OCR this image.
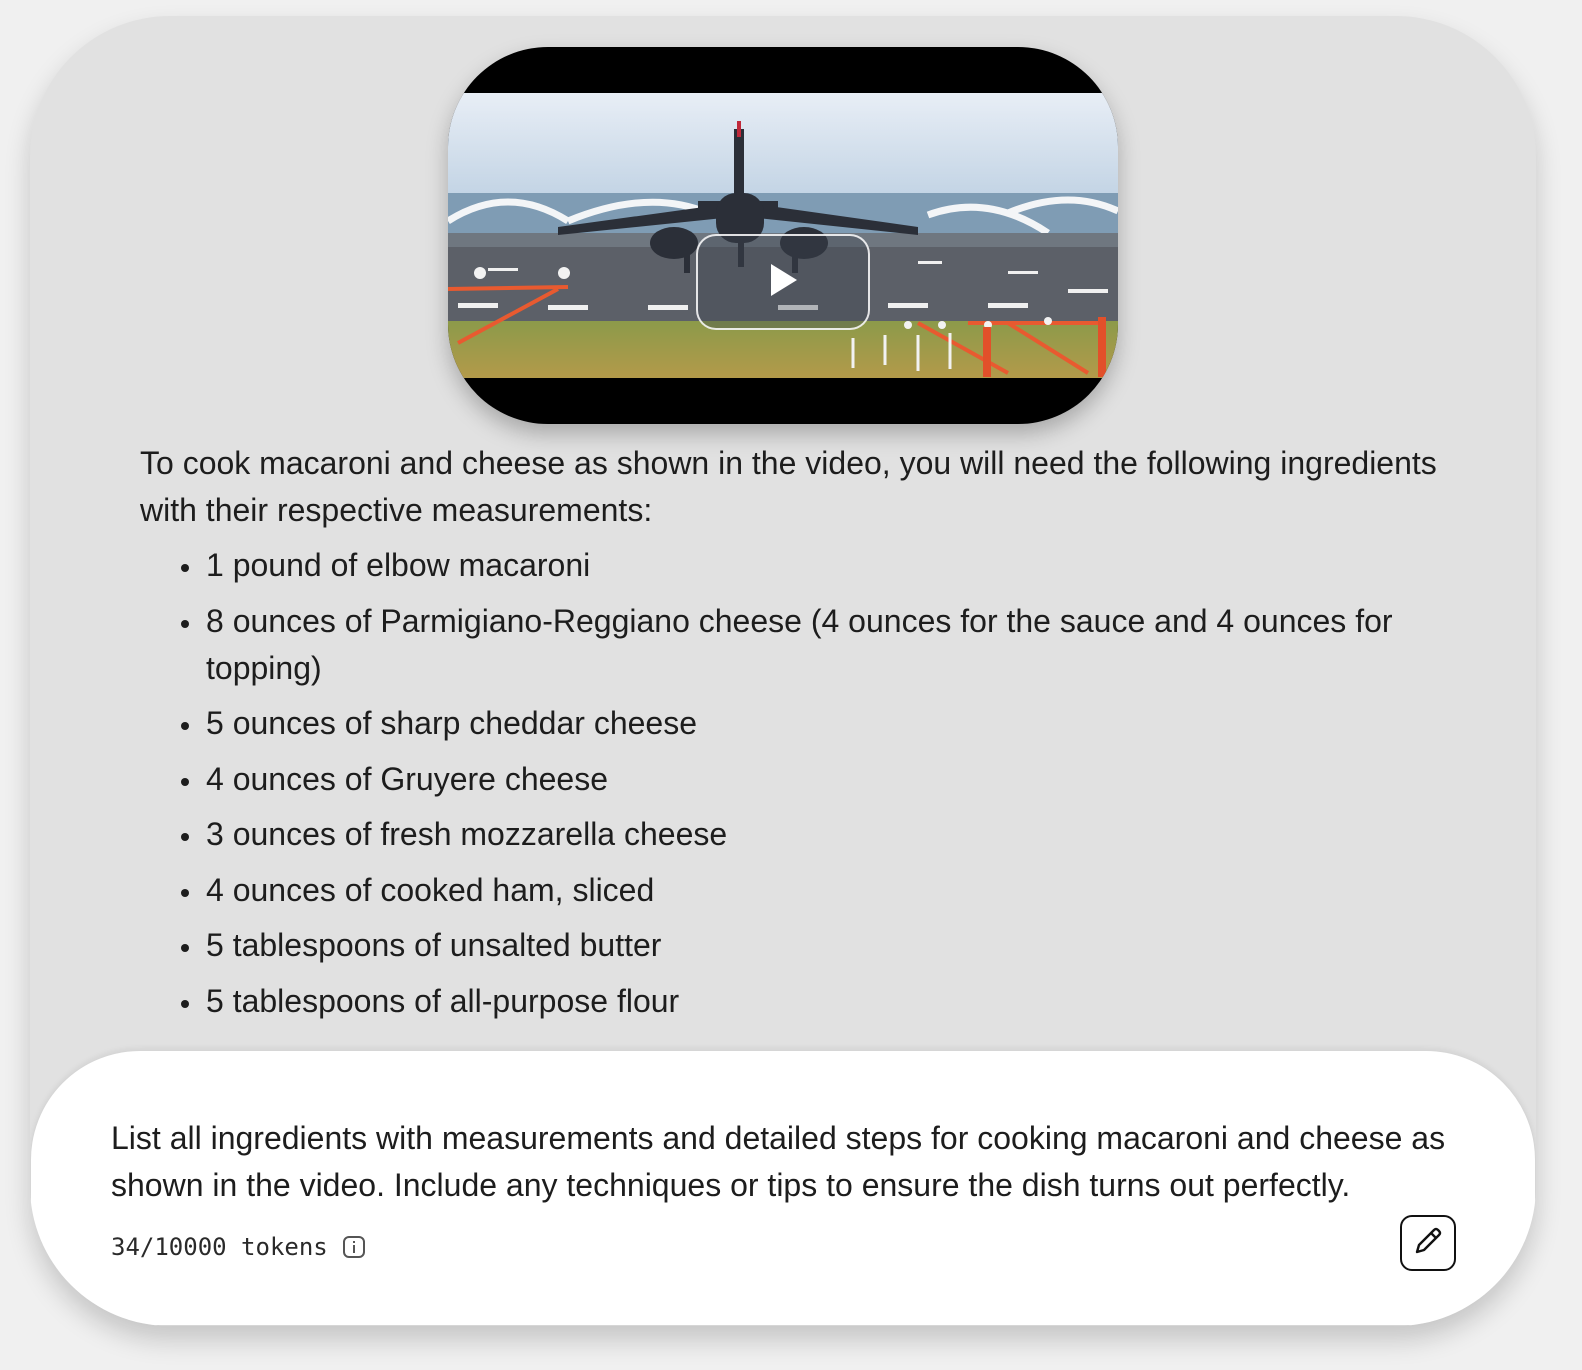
To cook macaroni and cheese as shown in the video, you will need the following ingredients with their respective measurements:

• 1 pound of elbow macaroni
• 8 ounces of Parmigiano-Reggiano cheese (4 ounces for the sauce and 4 ounces for topping)
• 5 ounces of sharp cheddar cheese
• 4 ounces of Gruyere cheese
• 3 ounces of fresh mozzarella cheese
• 4 ounces of cooked ham, sliced
• 5 tablespoons of unsalted butter
• 5 tablespoons of all-purpose flour
List all ingredients with measurements and detailed steps for cooking macaroni and cheese as shown in the video. Include any techniques or tips to ensure the dish turns out perfectly.
34/10000 tokens
